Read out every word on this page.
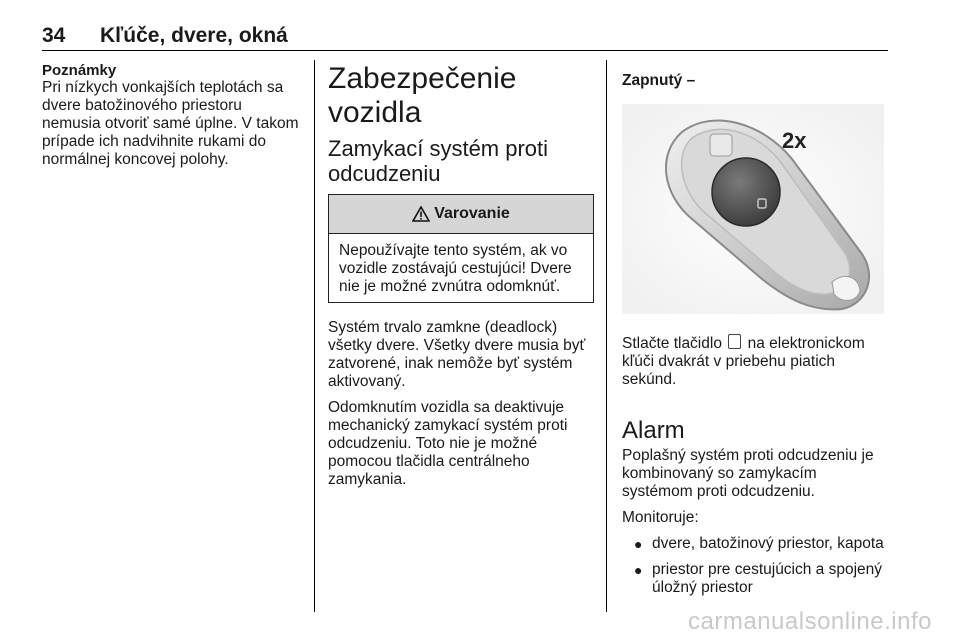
34 Kľúče, dvere, okná
Poznámky

Pri nízkych vonkajších teplotách sa dvere batožinového priestoru nemusia otvoriť samé úplne. V takom prípade ich nadvihnite rukami do normálnej koncovej polohy.

Zabezpečenie vozidla
Zamykací systém proti odcudzeniu
Varovanie
Nepoužívajte tento systém, ak vo vozidle zostávajú cestujúci! Dvere nie je možné zvnútra odomknúť.

Systém trvalo zamkne (deadlock) všetky dvere. Všetky dvere musia byť zatvorené, inak nemôže byť systém aktivovaný.

Odomknutím vozidla sa deaktivuje mechanický zamykací systém proti odcudzeniu. Toto nie je možné pomocou tlačidla centrálneho zamykania.

Zapnutý –
2x

Stlačte tlačidlo na elektronickom kľúči dvakrát v priebehu piatich sekúnd.

Alarm

Poplašný systém proti odcudzeniu je kombinovaný so zamykacím systémom proti odcudzeniu.

Monitoruje:

● dvere, batožinový priestor, kapota
● priestor pre cestujúcich a spojený úložný priestor
carmanualsonline.info
